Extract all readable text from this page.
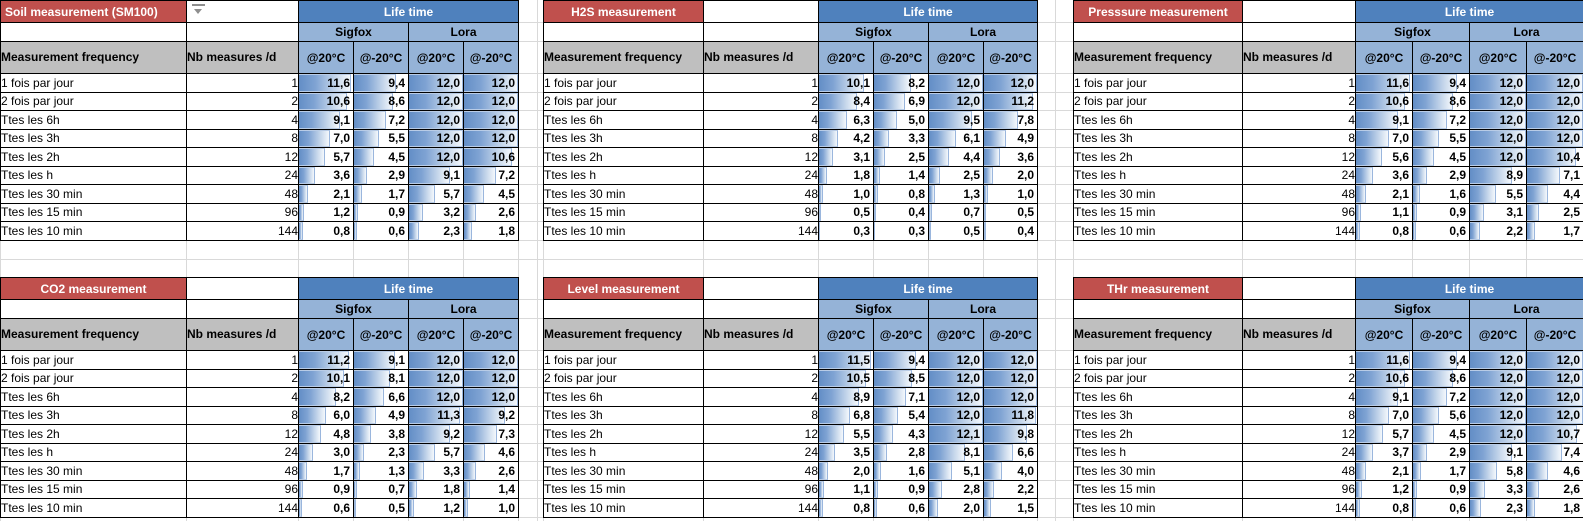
Soil measurement (SM100)		Life time			
		Sigfox		Lora	
Measurement frequency	Nb measures /d	@20°C	@-20°C	@20°C	@-20°C
1 fois par jour	1	11,6	9,4	12,0	12,0
2 fois par jour	2	10,6	8,6	12,0	12,0
Ttes les 6h	4	9,1	7,2	12,0	12,0
Ttes les 3h	8	7,0	5,5	12,0	12,0
Ttes les 2h	12	5,7	4,5	12,0	10,6
Ttes les h	24	3,6	2,9	9,1	7,2
Ttes les 30 min	48	2,1	1,7	5,7	4,5
Ttes les 15 min	96	1,2	0,9	3,2	2,6
Ttes les 10 min	144	0,8	0,6	2,3	1,8
H2S measurement		Life time			
		Sigfox		Lora	
Measurement frequency	Nb measures /d	@20°C	@-20°C	@20°C	@-20°C
1 fois par jour	1	10,1	8,2	12,0	12,0
2 fois par jour	2	8,4	6,9	12,0	11,2
Ttes les 6h	4	6,3	5,0	9,5	7,8
Ttes les 3h	8	4,2	3,3	6,1	4,9
Ttes les 2h	12	3,1	2,5	4,4	3,6
Ttes les h	24	1,8	1,4	2,5	2,0
Ttes les 30 min	48	1,0	0,8	1,3	1,0
Ttes les 15 min	96	0,5	0,4	0,7	0,5
Ttes les 10 min	144	0,3	0,3	0,5	0,4
Presssure measurement		Life time			
		Sigfox		Lora	
Measurement frequency	Nb measures /d	@20°C	@-20°C	@20°C	@-20°C
1 fois par jour	1	11,6	9,4	12,0	12,0
2 fois par jour	2	10,6	8,6	12,0	12,0
Ttes les 6h	4	9,1	7,2	12,0	12,0
Ttes les 3h	8	7,0	5,5	12,0	12,0
Ttes les 2h	12	5,6	4,5	12,0	10,4
Ttes les h	24	3,6	2,9	8,9	7,1
Ttes les 30 min	48	2,1	1,6	5,5	4,4
Ttes les 15 min	96	1,1	0,9	3,1	2,5
Ttes les 10 min	144	0,8	0,6	2,2	1,7
CO2 measurement		Life time			
		Sigfox		Lora	
Measurement frequency	Nb measures /d	@20°C	@-20°C	@20°C	@-20°C
1 fois par jour	1	11,2	9,1	12,0	12,0
2 fois par jour	2	10,1	8,1	12,0	12,0
Ttes les 6h	4	8,2	6,6	12,0	12,0
Ttes les 3h	8	6,0	4,9	11,3	9,2
Ttes les 2h	12	4,8	3,8	9,2	7,3
Ttes les h	24	3,0	2,3	5,7	4,6
Ttes les 30 min	48	1,7	1,3	3,3	2,6
Ttes les 15 min	96	0,9	0,7	1,8	1,4
Ttes les 10 min	144	0,6	0,5	1,2	1,0
Level measurement		Life time			
		Sigfox		Lora	
Measurement frequency	Nb measures /d	@20°C	@-20°C	@20°C	@-20°C
1 fois par jour	1	11,5	9,4	12,0	12,0
2 fois par jour	2	10,5	8,5	12,0	12,0
Ttes les 6h	4	8,9	7,1	12,0	12,0
Ttes les 3h	8	6,8	5,4	12,0	11,8
Ttes les 2h	12	5,5	4,3	12,1	9,8
Ttes les h	24	3,5	2,8	8,1	6,6
Ttes les 30 min	48	2,0	1,6	5,1	4,0
Ttes les 15 min	96	1,1	0,9	2,8	2,2
Ttes les 10 min	144	0,8	0,6	2,0	1,5
THr measurement		Life time			
		Sigfox		Lora	
Measurement frequency	Nb measures /d	@20°C	@-20°C	@20°C	@-20°C
1 fois par jour	1	11,6	9,4	12,0	12,0
2 fois par jour	2	10,6	8,6	12,0	12,0
Ttes les 6h	4	9,1	7,2	12,0	12,0
Ttes les 3h	8	7,0	5,6	12,0	12,0
Ttes les 2h	12	5,7	4,5	12,0	10,7
Ttes les h	24	3,7	2,9	9,1	7,4
Ttes les 30 min	48	2,1	1,7	5,8	4,6
Ttes les 15 min	96	1,2	0,9	3,3	2,6
Ttes les 10 min	144	0,8	0,6	2,3	1,8
